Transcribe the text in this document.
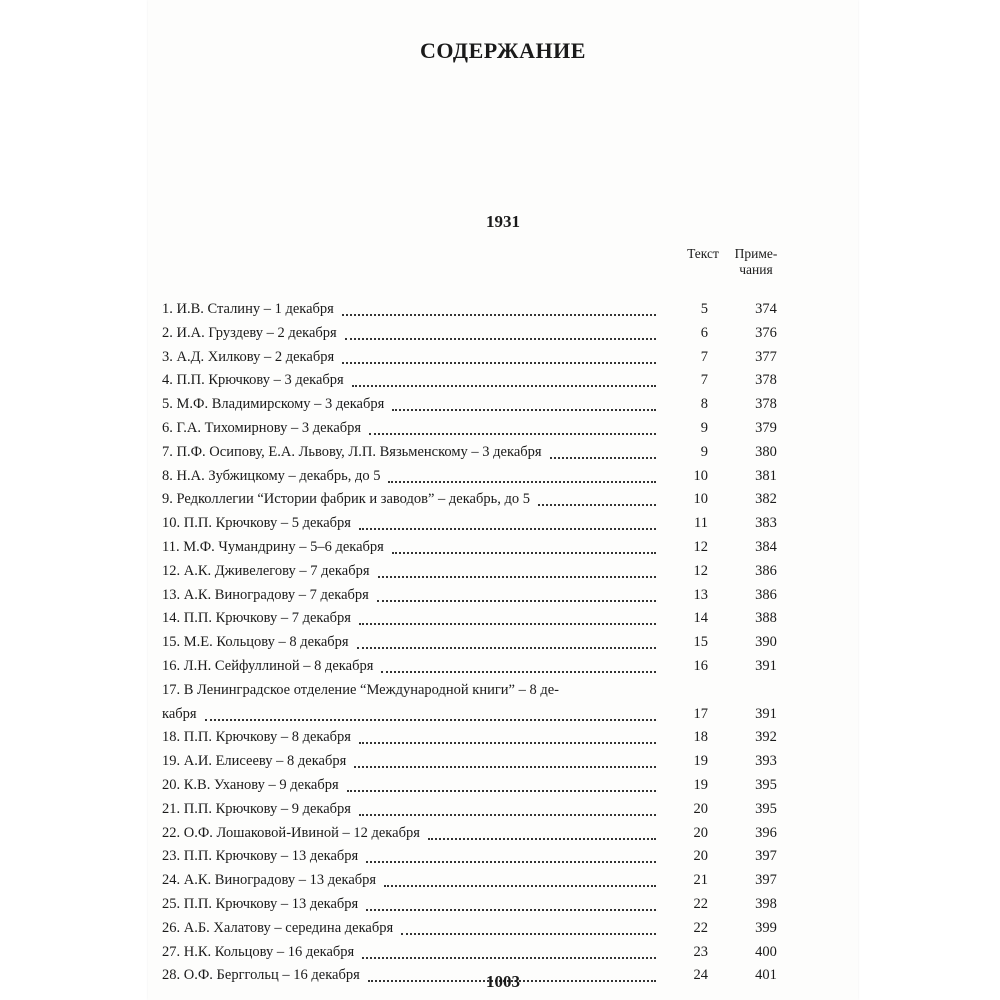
СОДЕРЖАНИЕ
1931
Текст	Приме-
чания
1. И.В. Сталину – 1 декабря	5	374
2. И.А. Груздеву – 2 декабря	6	376
3. А.Д. Хилкову – 2 декабря	7	377
4. П.П. Крючкову – 3 декабря	7	378
5. М.Ф. Владимирскому – 3 декабря	8	378
6. Г.А. Тихомирнову – 3 декабря	9	379
7. П.Ф. Осипову, Е.А. Львову, Л.П. Вязьменскому – 3 декабря	9	380
8. Н.А. Зубжицкому – декабрь, до 5	10	381
9. Редколлегии “Истории фабрик и заводов” – декабрь, до 5	10	382
10. П.П. Крючкову – 5 декабря	11	383
11. М.Ф. Чумандрину – 5–6 декабря	12	384
12. А.К. Дживелегову – 7 декабря	12	386
13. А.К. Виноградову – 7 декабря	13	386
14. П.П. Крючкову – 7 декабря	14	388
15. М.Е. Кольцову – 8 декабря	15	390
16. Л.Н. Сейфуллиной – 8 декабря	16	391
17. В Ленинградское отделение “Международной книги” – 8 де-
кабря	17	391
18. П.П. Крючкову – 8 декабря	18	392
19. А.И. Елисееву – 8 декабря	19	393
20. К.В. Уханову – 9 декабря	19	395
21. П.П. Крючкову – 9 декабря	20	395
22. О.Ф. Лошаковой-Ивиной – 12 декабря	20	396
23. П.П. Крючкову – 13 декабря	20	397
24. А.К. Виноградову – 13 декабря	21	397
25. П.П. Крючкову – 13 декабря	22	398
26. А.Б. Халатову – середина декабря	22	399
27. Н.К. Кольцову – 16 декабря	23	400
28. О.Ф. Берггольц – 16 декабря	24	401
1003
